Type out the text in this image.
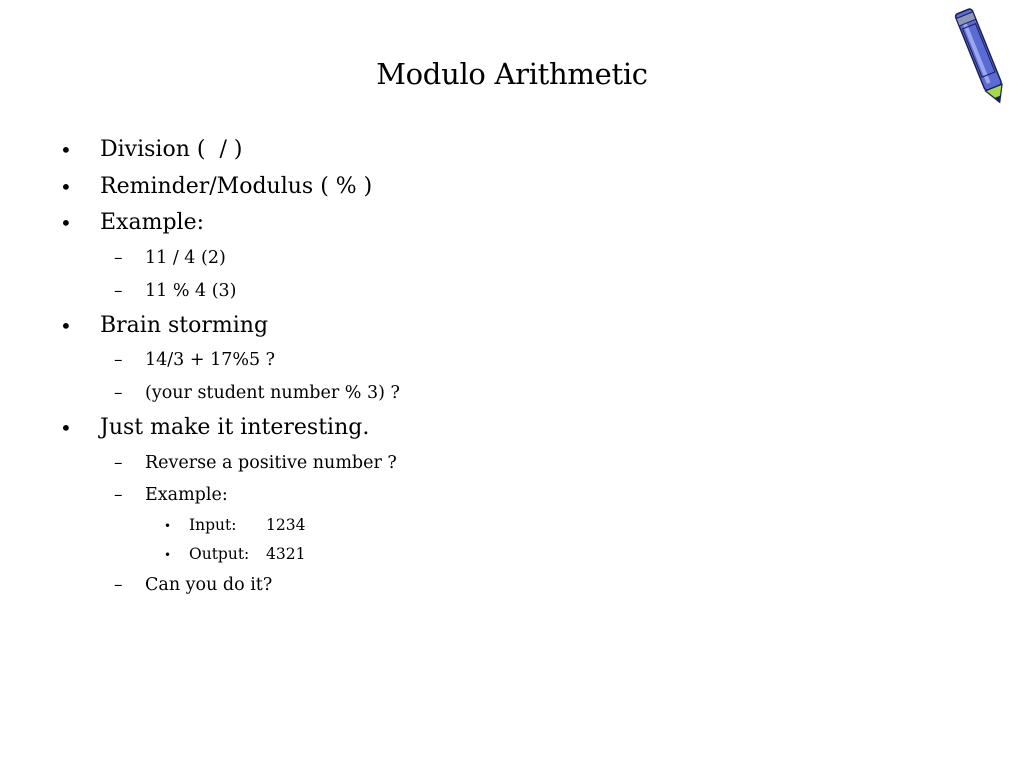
Modulo Arithmetic
• Division (  / )
• Reminder/Modulus ( % )
• Example:
– 11 / 4 (2)
– 11 % 4 (3)
• Brain storming
– 14/3 + 17%5 ?
– (your student number % 3) ?
• Just make it interesting.
– Reverse a positive number ?
– Example:
• Input: 1234
• Output: 4321
– Can you do it?
